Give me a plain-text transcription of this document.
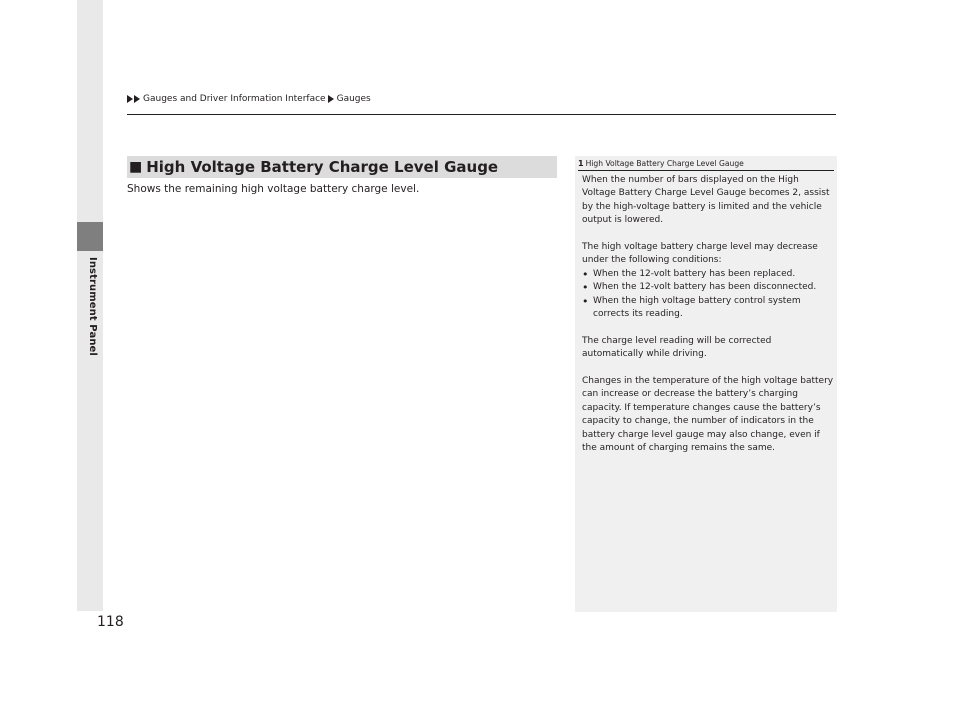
Instrument Panel
Gauges and Driver Information Interface Gauges
■ High Voltage Battery Charge Level Gauge
Shows the remaining high voltage battery charge level.
1 High Voltage Battery Charge Level Gauge

When the number of bars displayed on the High Voltage Battery Charge Level Gauge becomes 2, assist by the high-voltage battery is limited and the vehicle output is lowered.

The high voltage battery charge level may decrease under the following conditions:
• When the 12-volt battery has been replaced.
• When the 12-volt battery has been disconnected.
• When the high voltage battery control system corrects its reading.

The charge level reading will be corrected automatically while driving.

Changes in the temperature of the high voltage battery can increase or decrease the battery’s charging capacity. If temperature changes cause the battery’s capacity to change, the number of indicators in the battery charge level gauge may also change, even if the amount of charging remains the same.

118
